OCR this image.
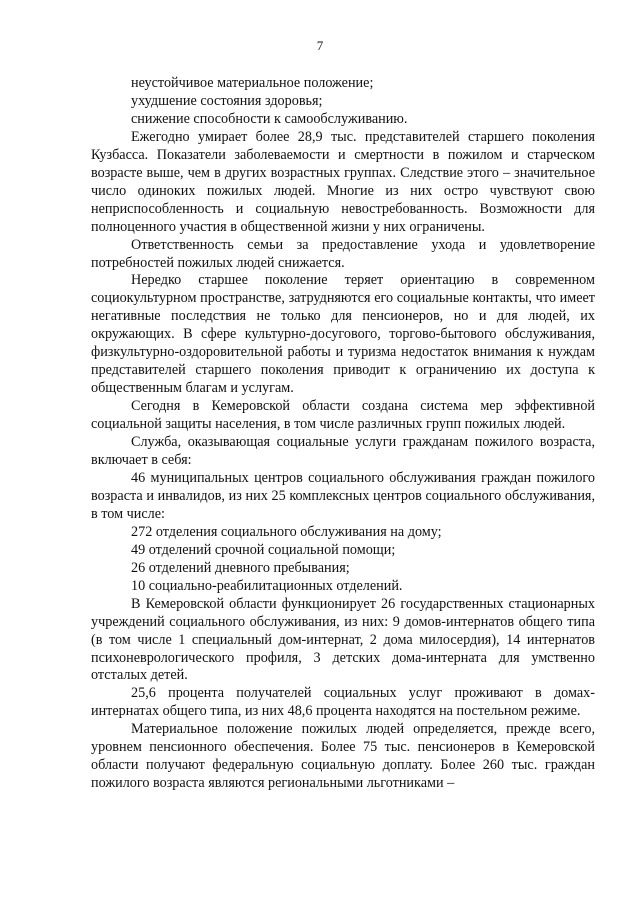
7

неустойчивое материальное положение;

ухудшение состояния здоровья;

снижение способности к самообслуживанию.

Ежегодно умирает более 28,9 тыс. представителей старшего поколения Кузбасса. Показатели заболеваемости и смертности в пожилом и старческом возрасте выше, чем в других возрастных группах. Следствие этого – значительное число одиноких пожилых людей. Многие из них остро чувствуют свою неприспособленность и социальную невостребованность. Возможности для полноценного участия в общественной жизни у них ограничены.

Ответственность семьи за предоставление ухода и удовлетворение потребностей пожилых людей снижается.

Нередко старшее поколение теряет ориентацию в современном социокультурном пространстве, затрудняются его социальные контакты, что имеет негативные последствия не только для пенсионеров, но и для людей, их окружающих. В сфере культурно-досугового, торгово-бытового обслуживания, физкультурно-оздоровительной работы и туризма недостаток внимания к нуждам представителей старшего поколения приводит к ограничению их доступа к общественным благам и услугам.

Сегодня в Кемеровской области создана система мер эффективной социальной защиты населения, в том числе различных групп пожилых людей.

Служба, оказывающая социальные услуги гражданам пожилого возраста, включает в себя:

46 муниципальных центров социального обслуживания граждан пожилого возраста и инвалидов, из них 25 комплексных центров социального обслуживания, в том числе:

272 отделения социального обслуживания на дому;

49 отделений срочной социальной помощи;

26 отделений дневного пребывания;

10 социально-реабилитационных отделений.

В Кемеровской области функционирует 26 государственных стационарных учреждений социального обслуживания, из них: 9 домов-интернатов общего типа (в том числе 1 специальный дом-интернат, 2 дома милосердия), 14 интернатов психоневрологического профиля, 3 детских дома-интерната для умственно отсталых детей.

25,6 процента получателей социальных услуг проживают в домах-интернатах общего типа, из них 48,6 процента находятся на постельном режиме.

Материальное положение пожилых людей определяется, прежде всего, уровнем пенсионного обеспечения. Более 75 тыс. пенсионеров в Кемеровской области получают федеральную социальную доплату. Более 260 тыс. граждан пожилого возраста являются региональными льготниками –
